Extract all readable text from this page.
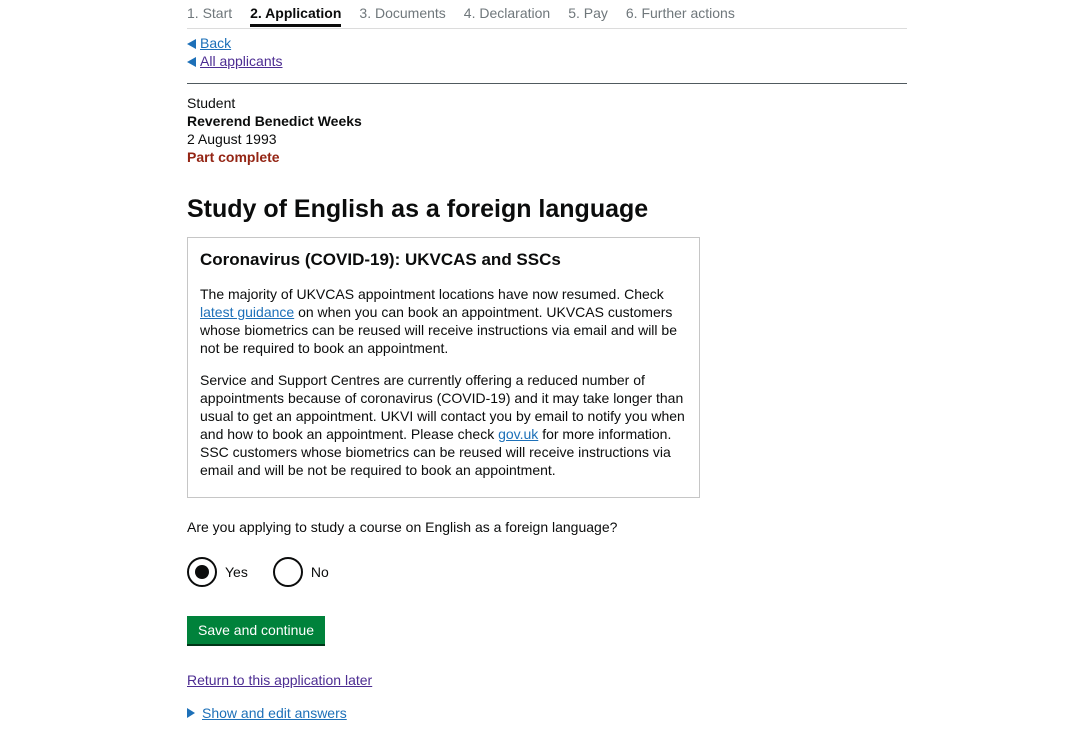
1. Start 2. Application 3. Documents 4. Declaration 5. Pay 6. Further actions
Back
All applicants
Student
Reverend Benedict Weeks
2 August 1993
Part complete
Study of English as a foreign language
Coronavirus (COVID-19): UKVCAS and SSCs

The majority of UKVCAS appointment locations have now resumed. Check latest guidance on when you can book an appointment. UKVCAS customers whose biometrics can be reused will receive instructions via email and will be not be required to book an appointment.

Service and Support Centres are currently offering a reduced number of appointments because of coronavirus (COVID-19) and it may take longer than usual to get an appointment. UKVI will contact you by email to notify you when and how to book an appointment. Please check gov.uk for more information. SSC customers whose biometrics can be reused will receive instructions via email and will be not be required to book an appointment.

Are you applying to study a course on English as a foreign language?
Yes	No
Save and continue
Return to this application later
Show and edit answers
